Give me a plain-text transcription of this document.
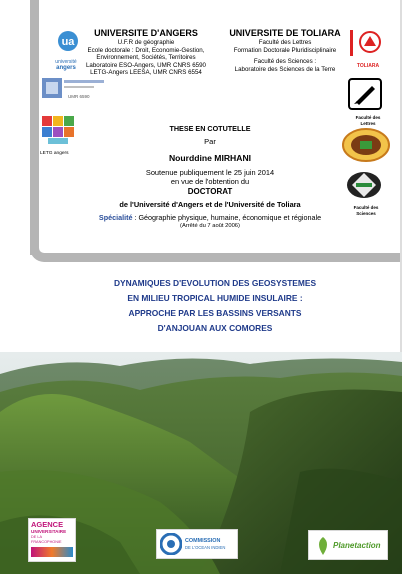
ua
université
angers
UMR 6590
LETG angers
UNIVERSITE D'ANGERS
U.F.R de géographie
Ecole doctorale : Droit, Economie-Gestion,
Environnement, Sociétés, Territoires
Laboratoire ESO-Angers, UMR CNRS 6590
LETG-Angers LEESA, UMR CNRS 6554
UNIVERSITE DE TOLIARA
Faculté des Lettres
Formation Doctorale Pluridisciplinaire
Faculté des Sciences :
Laboratoire des Sciences de la Terre	TOLIARA
Faculté des Lettres
Faculté des Sciences
THESE EN COTUTELLE
Par
Nourddine MIRHANI
Soutenue publiquement le 25 juin 2014
en vue de l'obtention du
DOCTORAT
de l'Université d'Angers et de l'Université de Toliara
Spécialité : Géographie physique, humaine, économique et régionale
(Arrêté du 7 août 2006)
DYNAMIQUES D'EVOLUTION DES GEOSYSTEMES
EN MILIEU TROPICAL HUMIDE INSULAIRE :
APPROCHE PAR LES BASSINS VERSANTS
D'ANJOUAN AUX COMORES
AGENCE
UNIVERSITAIRE
DE LA FRANCOPHONIE	COMMISSION
DE L'OCEAN INDIEN	Planetaction
